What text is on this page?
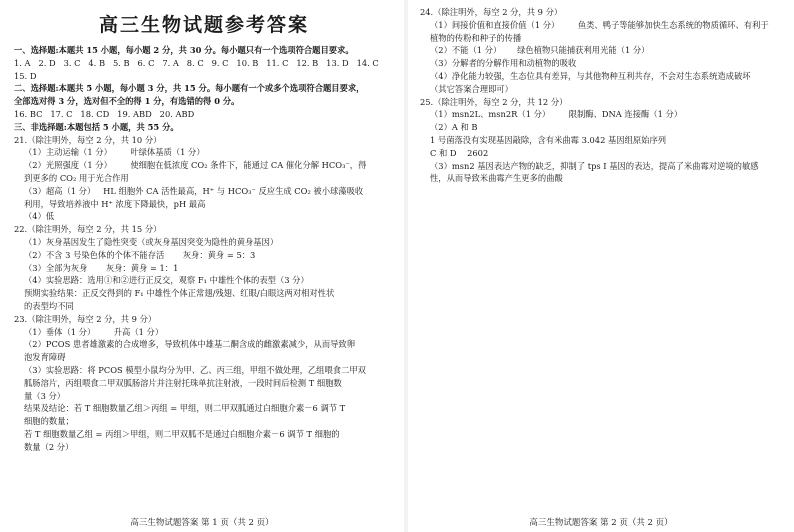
高三生物试题参考答案
一、选择题:本题共 15 小题，每小题 2 分，共 30 分。每小题只有一个选项符合题目要求。
1. A   2. D   3. C   4. B   5. B   6. C   7. A   8. C   9. C   10. B   11. C   12. B   13. D   14. C
15. D
二、选择题:本题共 5 小题，每小题 3 分，共 15 分。每小题有一个或多个选项符合题目要求，
全部选对得 3 分，选对但不全的得 1 分，有选错的得 0 分。
16. BC   17. C   18. CD   19. ABD   20. ABD
三、非选择题:本题包括 5 小题，共 55 分。
21.（除注明外，每空 2 分，共 10 分）
（1）主动运输（1 分）       叶绿体基质（1 分）
（2）光照强度（1 分）       使细胞在低浓度 CO₂ 条件下，能通过 CA 催化分解 HCO₃⁻，得
到更多的 CO₂ 用于光合作用
（3）超高（1 分）   HL 组胞外 CA 活性最高，H⁺ 与 HCO₃⁻ 反应生成 CO₂ 被小球藻吸收
利用，导致培养液中 H⁺ 浓度下降最快，pH 最高
（4）低
22.（除注明外，每空 2 分，共 15 分）
（1）灰身基因发生了隐性突变（或灰身基因突变为隐性的黄身基因）
（2）不含 3 号染色体的个体不能存活       灰身：黄身 = 5：3
（3）全部为灰身       灰身：黄身 = 1：1
（4）实验思路：选用①和②进行正反交，观察 F₁ 中雄性个体的表型（3 分）
预期实验结果：正反交得到的 F₁ 中雄性个体正常翅/残翅、红眼/白眼这两对相对性状
的表型均不同
23.（除注明外，每空 2 分，共 9 分）
（1）垂体（1 分）       升高（1 分）
（2）PCOS 患者雄激素的合成增多，导致机体中雄基二酮含成的雌激素减少，从而导致卵
泡发育障碍
（3）实验思路：将 PCOS 模型小鼠均分为甲、乙、丙三组，甲组不做处理，乙组喂食二甲双
胍肠溶片，丙组喂食二甲双胍肠溶片并注射托珠单抗注射液，一段时间后检测 T 细胞数
量（3 分）
结果及结论：若 T 细胞数量乙组＞丙组 = 甲组，则二甲双胍通过白细胞介素－6 调节 T
细胞的数量；
若 T 细胞数量乙组 = 丙组＞甲组，则二甲双胍不是通过白细胞介素－6 调节 T 细胞的
数量（2 分）
高三生物试题答案 第 1 页（共 2 页）
24.（除注明外，每空 2 分，共 9 分）
（1）间接价值和直接价值（1 分）       鱼类、鸭子等能够加快生态系统的物质循环、有利于
植物的传粉和种子的传播
（2）不能（1 分）      绿色植物只能捕获利用光能（1 分）
（3）分解者的分解作用和动植物的吸收
（4）净化能力较强，生态位具有差异，与其他物种互利共存，不会对生态系统造成破坏
（其它答案合理即可）
25.（除注明外，每空 2 分，共 12 分）
（1）msn2L、msn2R（1 分）       限制酶、DNA 连接酶（1 分）
（2）A 和 B
1 号菌落没有实现基因敲除，含有米曲霉 3.042 基因组原始序列
C 和 D    2602
（3）msn2 基因表达产物的缺乏，抑制了 tps Ⅰ 基因的表达，提高了米曲霉对逆境的敏感
性，从而导致米曲霉产生更多的曲酸
高三生物试题答案 第 2 页（共 2 页）
